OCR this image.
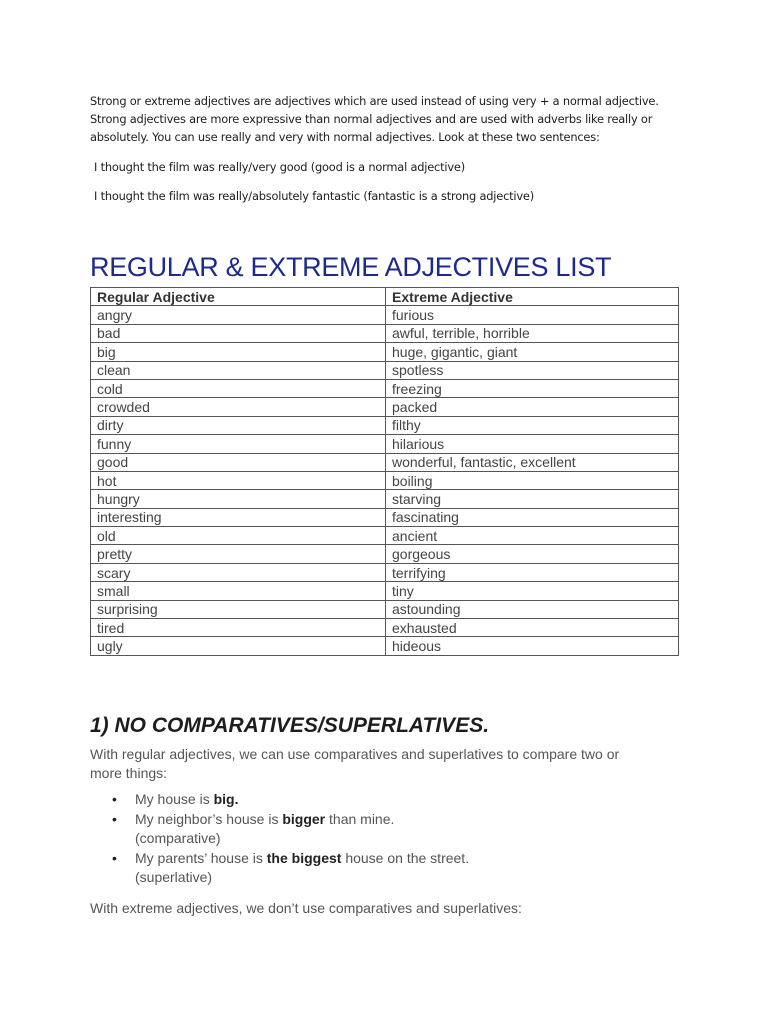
Strong or extreme adjectives are adjectives which are used instead of using very + a normal adjective.

Strong adjectives are more expressive than normal adjectives and are used with adverbs like really or

absolutely. You can use really and very with normal adjectives. Look at these two sentences:

I thought the film was really/very good (good is a normal adjective)
I thought the film was really/absolutely fantastic (fantastic is a strong adjective)
REGULAR & EXTREME ADJECTIVES LIST
Regular Adjective	Extreme Adjective
angry	furious
bad	awful, terrible, horrible
big	huge, gigantic, giant
clean	spotless
cold	freezing
crowded	packed
dirty	filthy
funny	hilarious
good	wonderful, fantastic, excellent
hot	boiling
hungry	starving
interesting	fascinating
old	ancient
pretty	gorgeous
scary	terrifying
small	tiny
surprising	astounding
tired	exhausted
ugly	hideous
1) NO COMPARATIVES/SUPERLATIVES.

With regular adjectives, we can use comparatives and superlatives to compare two or
more things:

• My house is big.
• My neighbor’s house is bigger than mine.
(comparative)
• My parents’ house is the biggest house on the street.
(superlative)

With extreme adjectives, we don’t use comparatives and superlatives:
